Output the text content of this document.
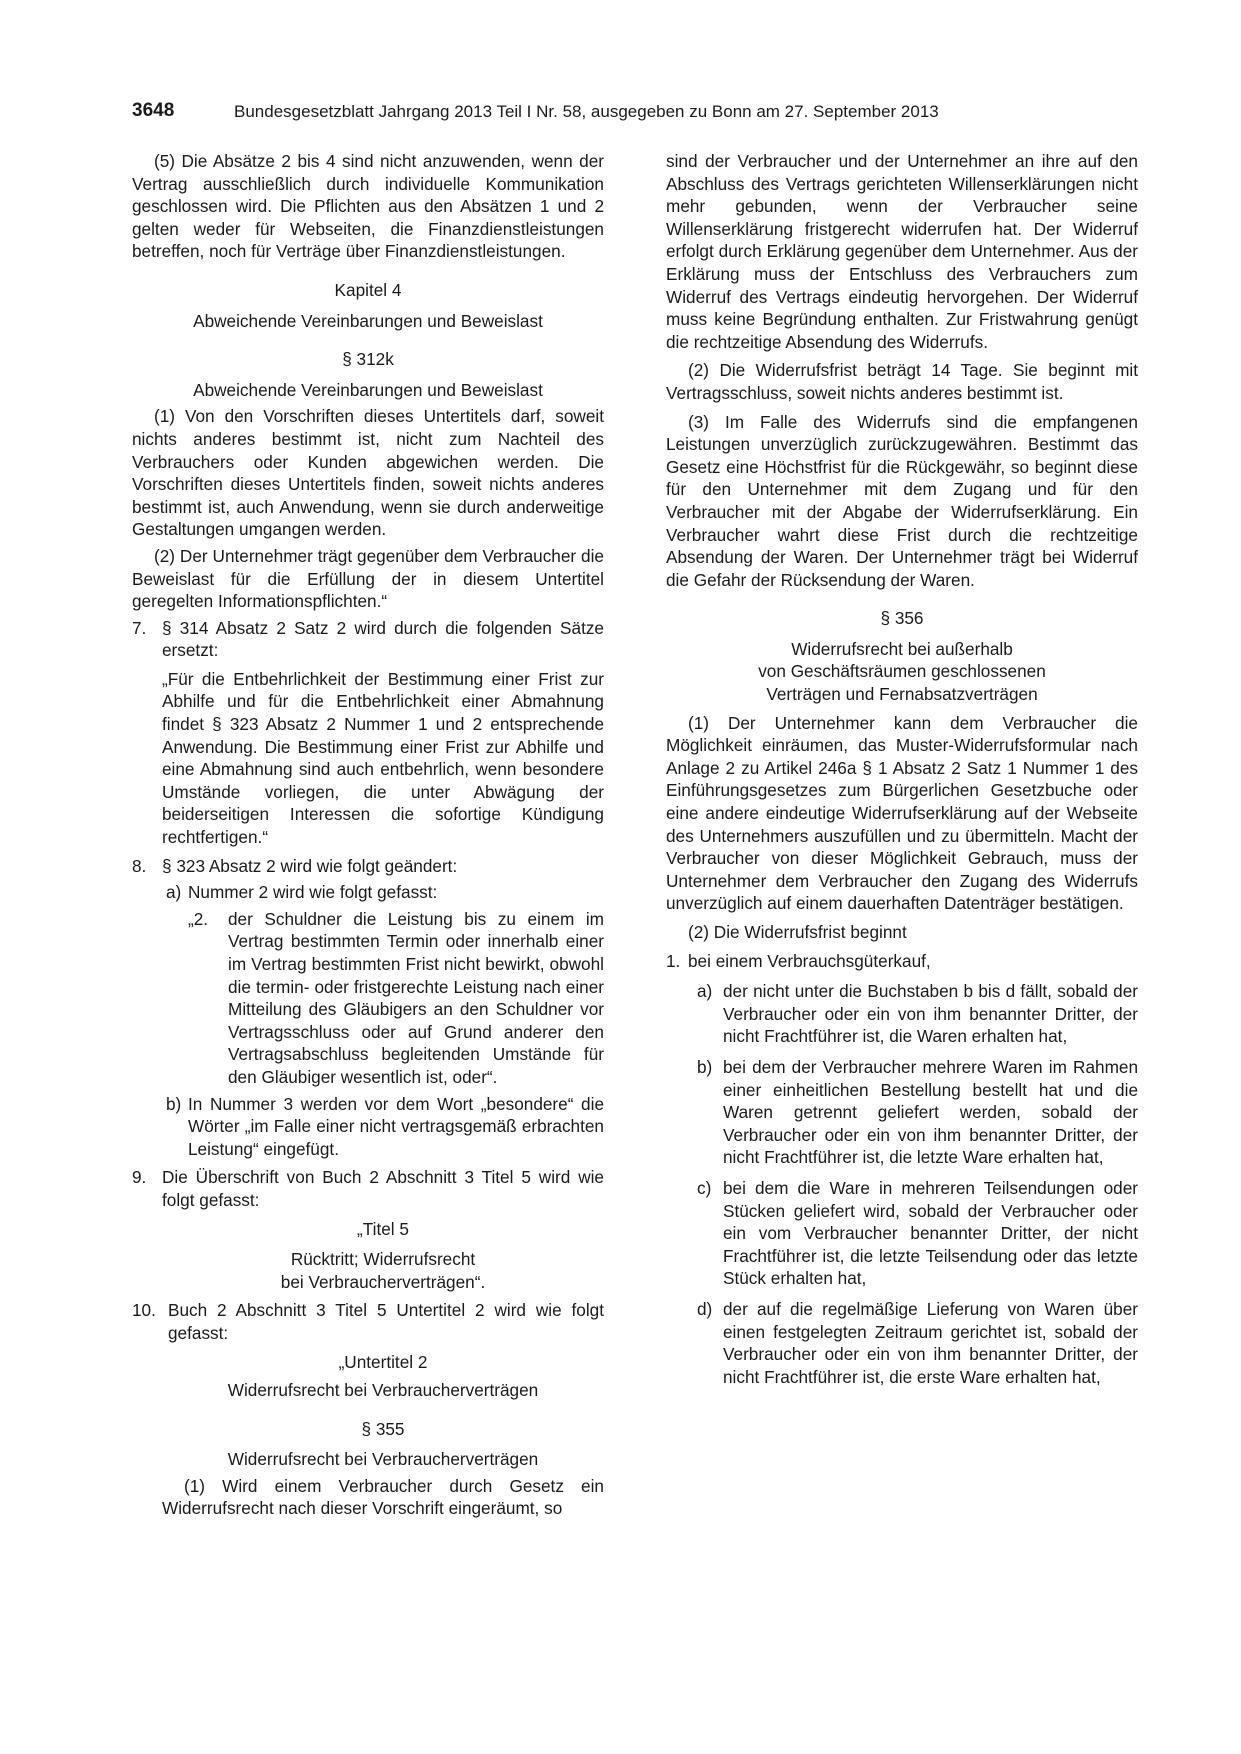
3648	Bundesgesetzblatt Jahrgang 2013 Teil I Nr. 58, ausgegeben zu Bonn am 27. September 2013

(5) Die Absätze 2 bis 4 sind nicht anzuwenden, wenn der Vertrag ausschließlich durch individuelle Kommunikation geschlossen wird. Die Pflichten aus den Absätzen 1 und 2 gelten weder für Webseiten, die Finanzdienstleistungen betreffen, noch für Verträge über Finanzdienstleistungen.

Kapitel 4

Abweichende Vereinbarungen und Beweislast

§ 312k

Abweichende Vereinbarungen und Beweislast

(1) Von den Vorschriften dieses Untertitels darf, soweit nichts anderes bestimmt ist, nicht zum Nachteil des Verbrauchers oder Kunden abgewichen werden. Die Vorschriften dieses Untertitels finden, soweit nichts anderes bestimmt ist, auch Anwendung, wenn sie durch anderweitige Gestaltungen umgangen werden.

(2) Der Unternehmer trägt gegenüber dem Verbraucher die Beweislast für die Erfüllung der in diesem Untertitel geregelten Informationspflichten.“

7. § 314 Absatz 2 Satz 2 wird durch die folgenden Sätze ersetzt:

„Für die Entbehrlichkeit der Bestimmung einer Frist zur Abhilfe und für die Entbehrlichkeit einer Abmahnung findet § 323 Absatz 2 Nummer 1 und 2 entsprechende Anwendung. Die Bestimmung einer Frist zur Abhilfe und eine Abmahnung sind auch entbehrlich, wenn besondere Umstände vorliegen, die unter Abwägung der beiderseitigen Interessen die sofortige Kündigung rechtfertigen.“

8. § 323 Absatz 2 wird wie folgt geändert:
a) Nummer 2 wird wie folgt gefasst:
„2. der Schuldner die Leistung bis zu einem im Vertrag bestimmten Termin oder innerhalb einer im Vertrag bestimmten Frist nicht bewirkt, obwohl die termin- oder fristgerechte Leistung nach einer Mitteilung des Gläubigers an den Schuldner vor Vertragsschluss oder auf Grund anderer den Vertragsabschluss begleitenden Umstände für den Gläubiger wesentlich ist, oder“.
b) In Nummer 3 werden vor dem Wort „besondere“ die Wörter „im Falle einer nicht vertragsgemäß erbrachten Leistung“ eingefügt.
9. Die Überschrift von Buch 2 Abschnitt 3 Titel 5 wird wie folgt gefasst:

„Titel 5

Rücktritt; Widerrufsrecht

bei Verbraucherverträgen“.

10. Buch 2 Abschnitt 3 Titel 5 Untertitel 2 wird wie folgt gefasst:

„Untertitel 2

Widerrufsrecht bei Verbraucherverträgen

§ 355

Widerrufsrecht bei Verbraucherverträgen

(1) Wird einem Verbraucher durch Gesetz ein Widerrufsrecht nach dieser Vorschrift eingeräumt, so

sind der Verbraucher und der Unternehmer an ihre auf den Abschluss des Vertrags gerichteten Willenserklärungen nicht mehr gebunden, wenn der Verbraucher seine Willenserklärung fristgerecht widerrufen hat. Der Widerruf erfolgt durch Erklärung gegenüber dem Unternehmer. Aus der Erklärung muss der Entschluss des Verbrauchers zum Widerruf des Vertrags eindeutig hervorgehen. Der Widerruf muss keine Begründung enthalten. Zur Fristwahrung genügt die rechtzeitige Absendung des Widerrufs.

(2) Die Widerrufsfrist beträgt 14 Tage. Sie beginnt mit Vertragsschluss, soweit nichts anderes bestimmt ist.

(3) Im Falle des Widerrufs sind die empfangenen Leistungen unverzüglich zurückzugewähren. Bestimmt das Gesetz eine Höchstfrist für die Rückgewähr, so beginnt diese für den Unternehmer mit dem Zugang und für den Verbraucher mit der Abgabe der Widerrufserklärung. Ein Verbraucher wahrt diese Frist durch die rechtzeitige Absendung der Waren. Der Unternehmer trägt bei Widerruf die Gefahr der Rücksendung der Waren.

§ 356

Widerrufsrecht bei außerhalb

von Geschäftsräumen geschlossenen

Verträgen und Fernabsatzverträgen

(1) Der Unternehmer kann dem Verbraucher die Möglichkeit einräumen, das Muster-Widerrufsformular nach Anlage 2 zu Artikel 246a § 1 Absatz 2 Satz 1 Nummer 1 des Einführungsgesetzes zum Bürgerlichen Gesetzbuche oder eine andere eindeutige Widerrufserklärung auf der Webseite des Unternehmers auszufüllen und zu übermitteln. Macht der Verbraucher von dieser Möglichkeit Gebrauch, muss der Unternehmer dem Verbraucher den Zugang des Widerrufs unverzüglich auf einem dauerhaften Datenträger bestätigen.

(2) Die Widerrufsfrist beginnt

1. bei einem Verbrauchsgüterkauf,
a) der nicht unter die Buchstaben b bis d fällt, sobald der Verbraucher oder ein von ihm benannter Dritter, der nicht Frachtführer ist, die Waren erhalten hat,
b) bei dem der Verbraucher mehrere Waren im Rahmen einer einheitlichen Bestellung bestellt hat und die Waren getrennt geliefert werden, sobald der Verbraucher oder ein von ihm benannter Dritter, der nicht Frachtführer ist, die letzte Ware erhalten hat,
c) bei dem die Ware in mehreren Teilsendungen oder Stücken geliefert wird, sobald der Verbraucher oder ein vom Verbraucher benannter Dritter, der nicht Frachtführer ist, die letzte Teilsendung oder das letzte Stück erhalten hat,
d) der auf die regelmäßige Lieferung von Waren über einen festgelegten Zeitraum gerichtet ist, sobald der Verbraucher oder ein von ihm benannter Dritter, der nicht Frachtführer ist, die erste Ware erhalten hat,
